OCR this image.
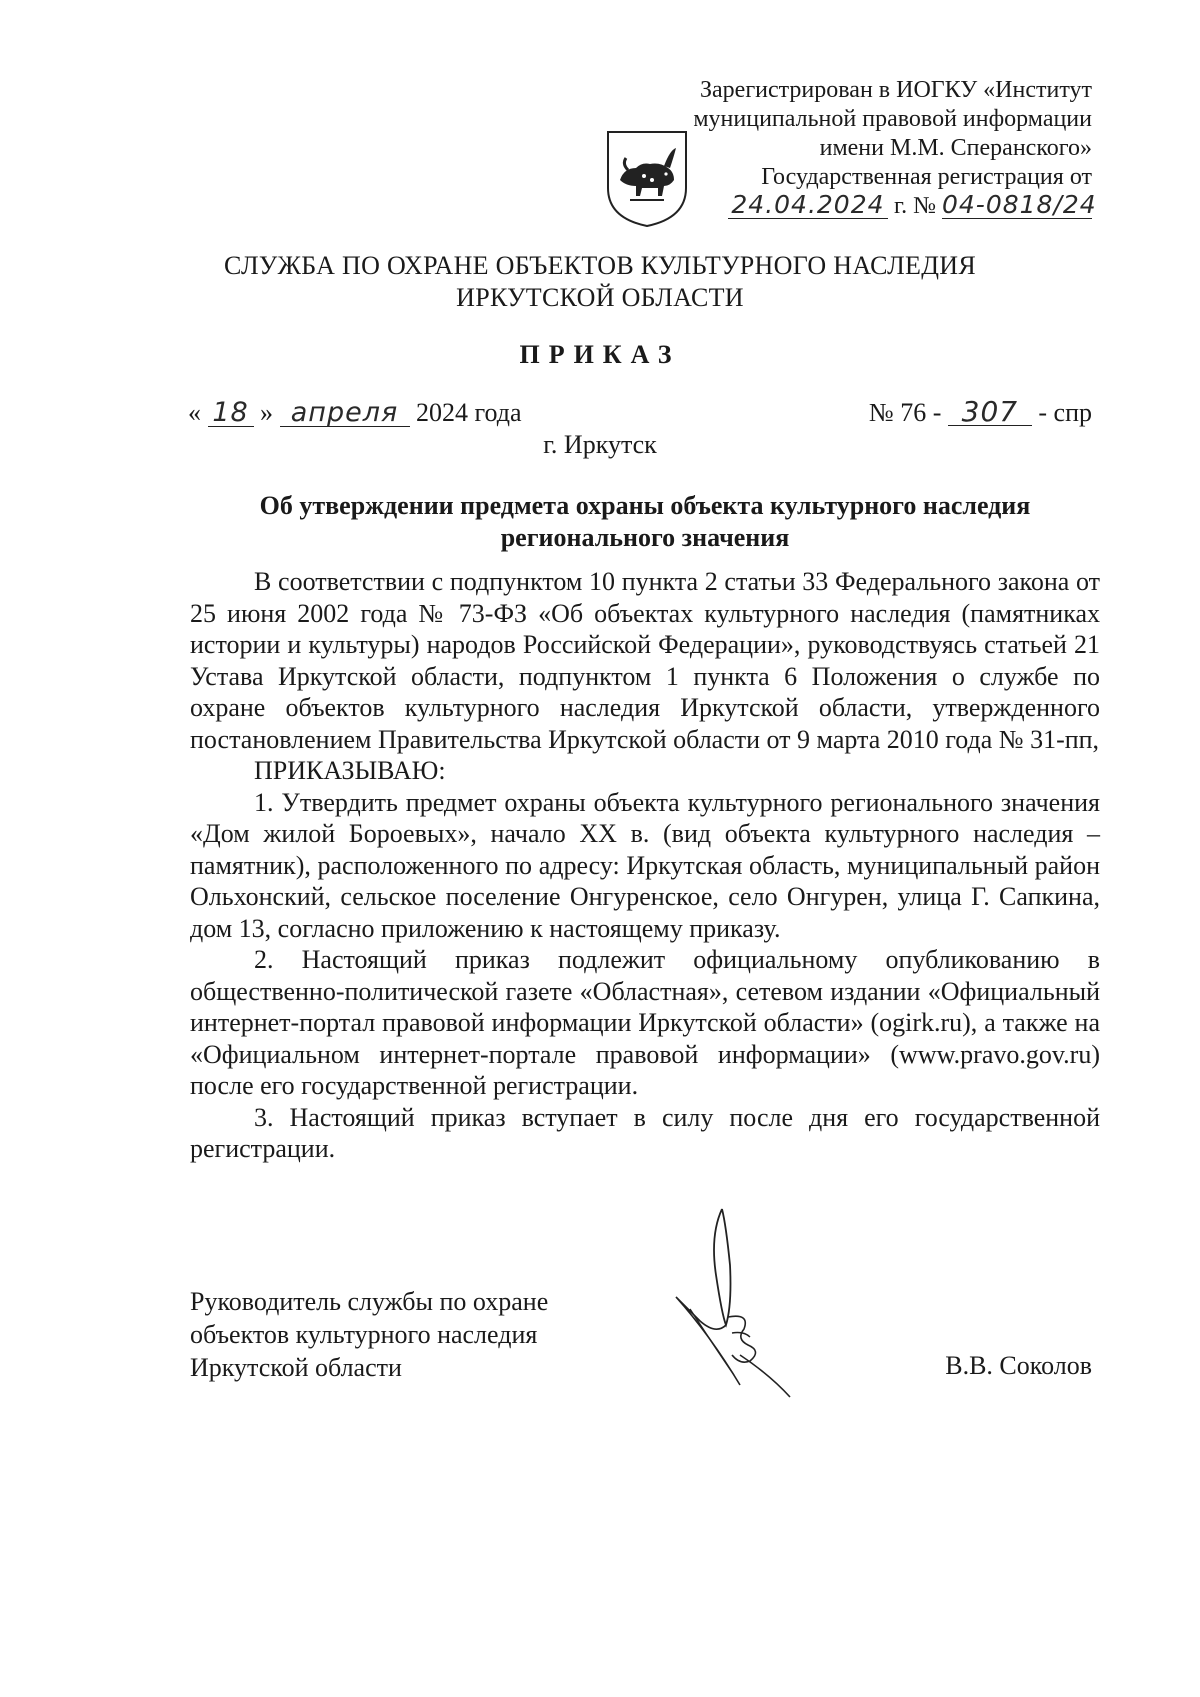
Зарегистрирован в ИОГКУ «Институт
муниципальной правовой информации
имени М.М. Сперанского»
Государственная регистрация от
24.04.2024 г. № 04-0818/24
СЛУЖБА ПО ОХРАНЕ ОБЪЕКТОВ КУЛЬТУРНОГО НАСЛЕДИЯ
ИРКУТСКОЙ ОБЛАСТИ
ПРИКАЗ
« 18 » апреля 2024 года	№ 76 - 307 - спр
г. Иркутск
Об утверждении предмета охраны объекта культурного наследия
регионального значения

В соответствии с подпунктом 10 пункта 2 статьи 33 Федерального закона от 25 июня 2002 года № 73-ФЗ «Об объектах культурного наследия (памятниках истории и культуры) народов Российской Федерации», руководствуясь статьей 21 Устава Иркутской области, подпунктом 1 пункта 6 Положения о службе по охране объектов культурного наследия Иркутской области, утвержденного постановлением Правительства Иркутской области от 9 марта 2010 года № 31-пп,

ПРИКАЗЫВАЮ:

1. Утвердить предмет охраны объекта культурного регионального значения «Дом жилой Бороевых», начало XX в. (вид объекта культурного наследия – памятник), расположенного по адресу: Иркутская область, муниципальный район Ольхонский, сельское поселение Онгуренское, село Онгурен, улица Г. Сапкина, дом 13, согласно приложению к настоящему приказу.

2. Настоящий приказ подлежит официальному опубликованию в общественно-политической газете «Областная», сетевом издании «Официальный интернет-портал правовой информации Иркутской области» (ogirk.ru), а также на «Официальном интернет-портале правовой информации» (www.pravo.gov.ru) после его государственной регистрации.

3. Настоящий приказ вступает в силу после дня его государственной регистрации.

Руководитель службы по охране
объектов культурного наследия
Иркутской области	В.В. Соколов
